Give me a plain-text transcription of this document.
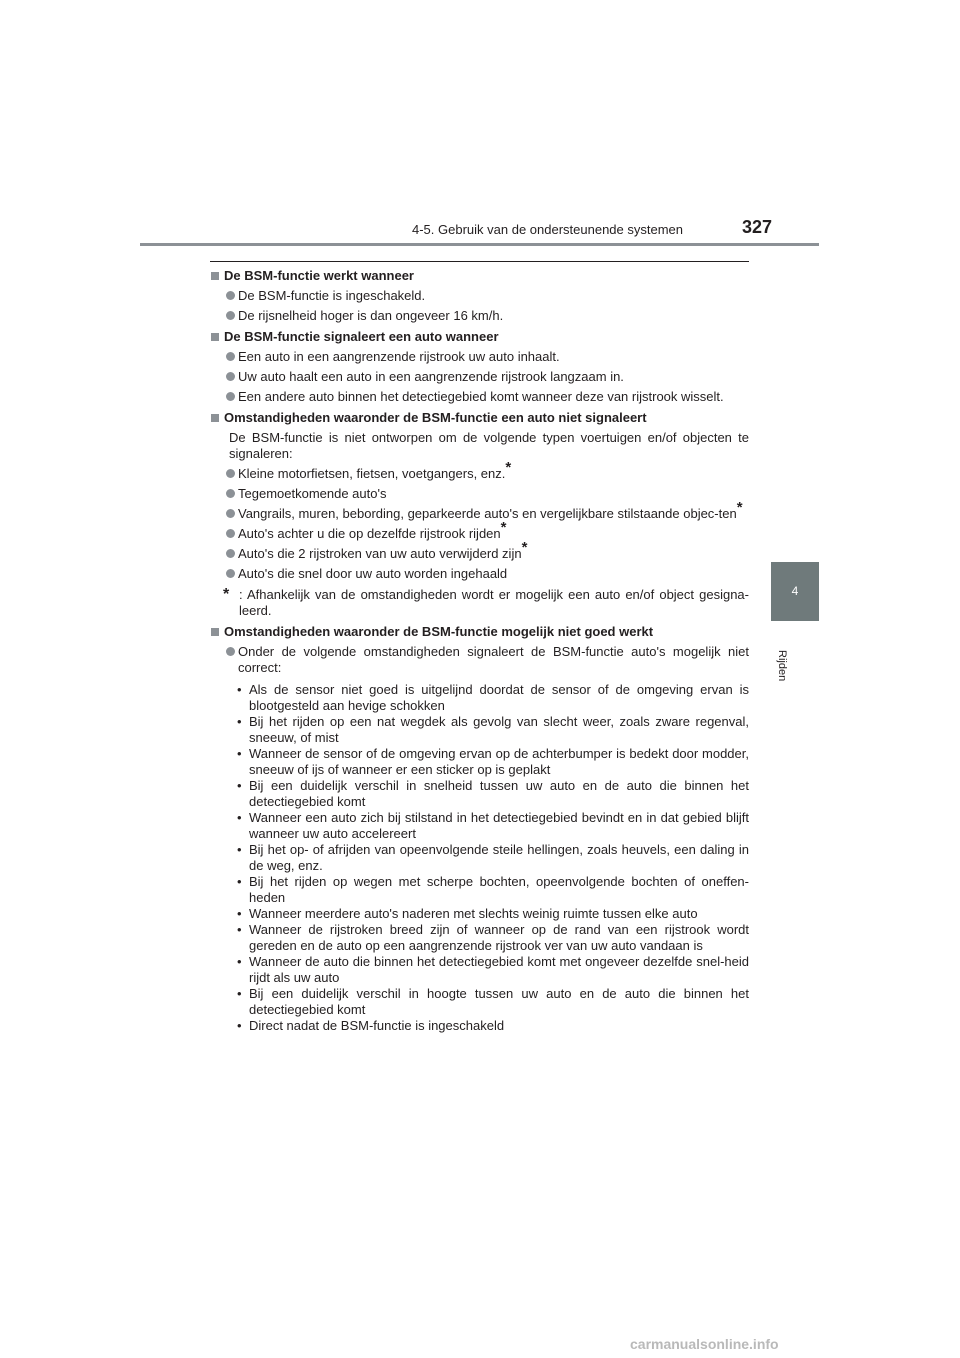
4-5. Gebruik van de ondersteunende systemen	327
4
Rijden
De BSM-functie werkt wanneer
De BSM-functie is ingeschakeld.
De rijsnelheid hoger is dan ongeveer 16 km/h.
De BSM-functie signaleert een auto wanneer
Een auto in een aangrenzende rijstrook uw auto inhaalt.
Uw auto haalt een auto in een aangrenzende rijstrook langzaam in.
Een andere auto binnen het detectiegebied komt wanneer deze van rijstrook wisselt.
Omstandigheden waaronder de BSM-functie een auto niet signaleert
De BSM-functie is niet ontworpen om de volgende typen voertuigen en/of objecten te signaleren:
Kleine motorfietsen, fietsen, voetgangers, enz.*
Tegemoetkomende auto's
Vangrails, muren, bebording, geparkeerde auto's en vergelijkbare stilstaande objec-ten*
Auto's achter u die op dezelfde rijstrook rijden*
Auto's die 2 rijstroken van uw auto verwijderd zijn*
Auto's die snel door uw auto worden ingehaald
* : Afhankelijk van de omstandigheden wordt er mogelijk een auto en/of object gesigna-leerd.
Omstandigheden waaronder de BSM-functie mogelijk niet goed werkt
Onder de volgende omstandigheden signaleert de BSM-functie auto's mogelijk niet correct:
• Als de sensor niet goed is uitgelijnd doordat de sensor of de omgeving ervan is blootgesteld aan hevige schokken
• Bij het rijden op een nat wegdek als gevolg van slecht weer, zoals zware regenval, sneeuw, of mist
• Wanneer de sensor of de omgeving ervan op de achterbumper is bedekt door modder, sneeuw of ijs of wanneer er een sticker op is geplakt
• Bij een duidelijk verschil in snelheid tussen uw auto en de auto die binnen het detectiegebied komt
• Wanneer een auto zich bij stilstand in het detectiegebied bevindt en in dat gebied blijft wanneer uw auto accelereert
• Bij het op- of afrijden van opeenvolgende steile hellingen, zoals heuvels, een daling in de weg, enz.
• Bij het rijden op wegen met scherpe bochten, opeenvolgende bochten of oneffen-heden
• Wanneer meerdere auto's naderen met slechts weinig ruimte tussen elke auto
• Wanneer de rijstroken breed zijn of wanneer op de rand van een rijstrook wordt gereden en de auto op een aangrenzende rijstrook ver van uw auto vandaan is
• Wanneer de auto die binnen het detectiegebied komt met ongeveer dezelfde snel-heid rijdt als uw auto
• Bij een duidelijk verschil in hoogte tussen uw auto en de auto die binnen het detectiegebied komt
• Direct nadat de BSM-functie is ingeschakeld
carmanualsonline.info
